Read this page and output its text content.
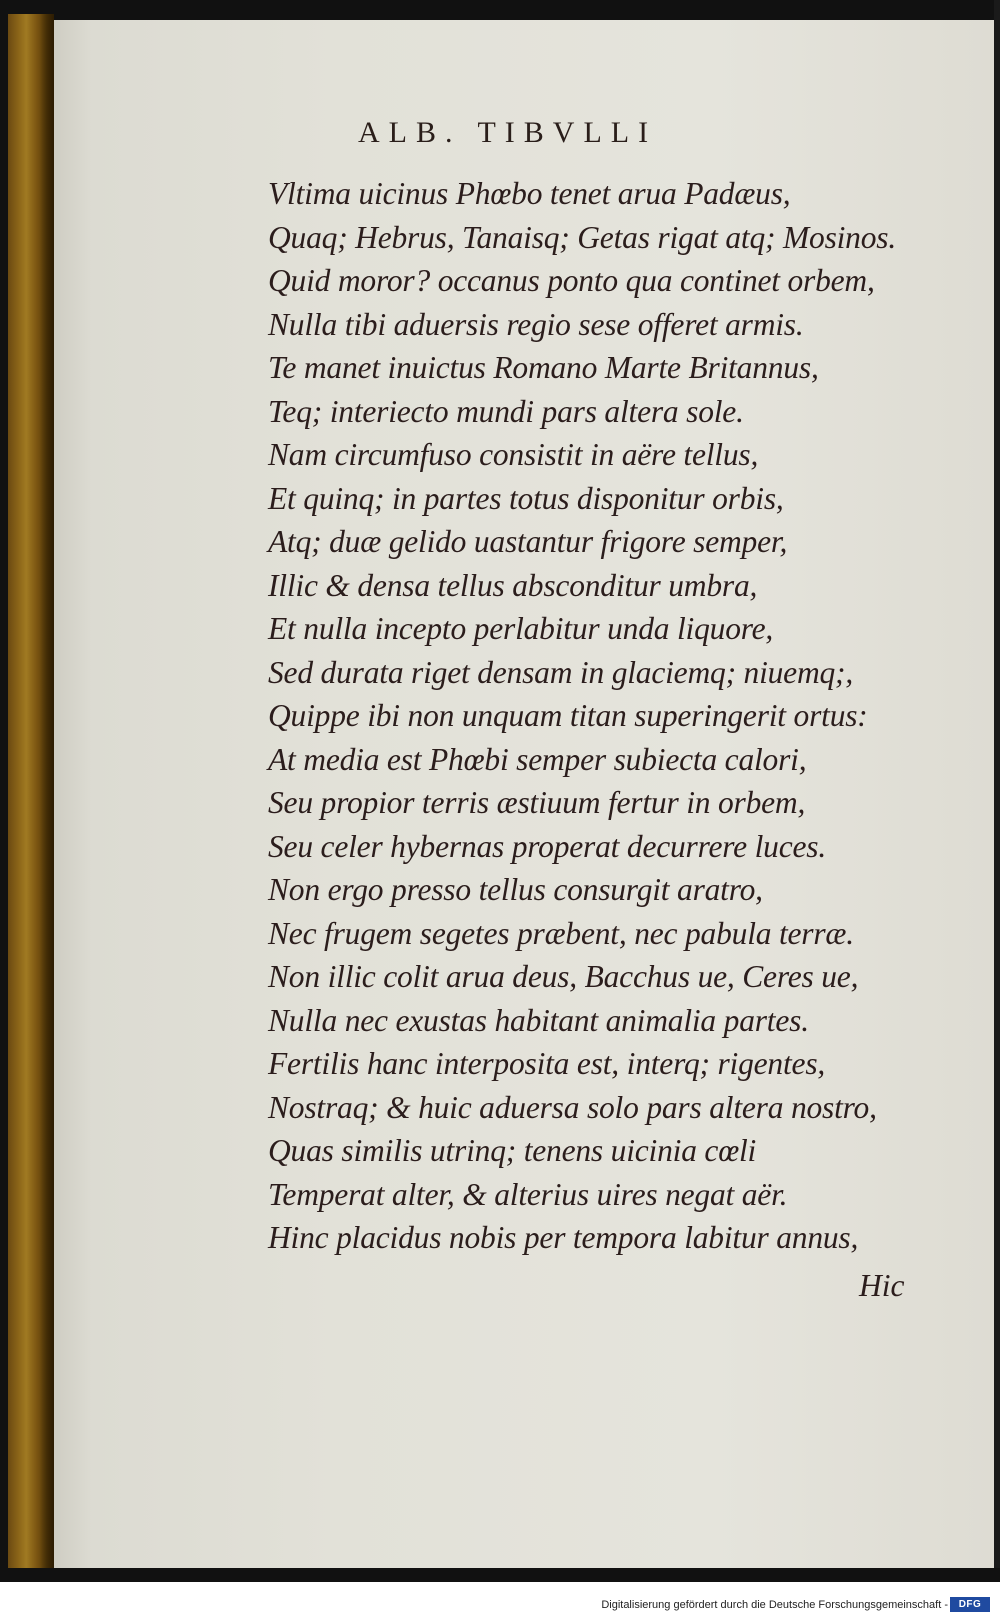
ALB. TIBVLLI
Vltima uicinus Phœbo tenet arua Padæus,
Quaq; Hebrus, Tanaisq; Getas rigat atq; Mosinos.
Quid moror? occanus ponto qua continet orbem,
Nulla tibi aduersis regio sese offeret armis.
Te manet inuictus Romano Marte Britannus,
Teq; interiecto mundi pars altera sole.
Nam circumfuso consistit in aëre tellus,
Et quinq; in partes totus disponitur orbis,
Atq; duæ gelido uastantur frigore semper,
Illic & densa tellus absconditur umbra,
Et nulla incepto perlabitur unda liquore,
Sed durata riget densam in glaciemq; niuemq;,
Quippe ibi non unquam titan superingerit ortus:
At media est Phœbi semper subiecta calori,
Seu propior terris æstiuum fertur in orbem,
Seu celer hybernas properat decurrere luces.
Non ergo presso tellus consurgit aratro,
Nec frugem segetes præbent, nec pabula terræ.
Non illic colit arua deus, Bacchus ue, Ceres ue,
Nulla nec exustas habitant animalia partes.
Fertilis hanc interposita est, interq; rigentes,
Nostraq; & huic aduersa solo pars altera nostro,
Quas similis utrinq; tenens uicinia cœli
Temperat alter, & alterius uires negat aër.
Hinc placidus nobis per tempora labitur annus,
Hic
Digitalisierung gefördert durch die Deutsche Forschungsgemeinschaft -	DFG
